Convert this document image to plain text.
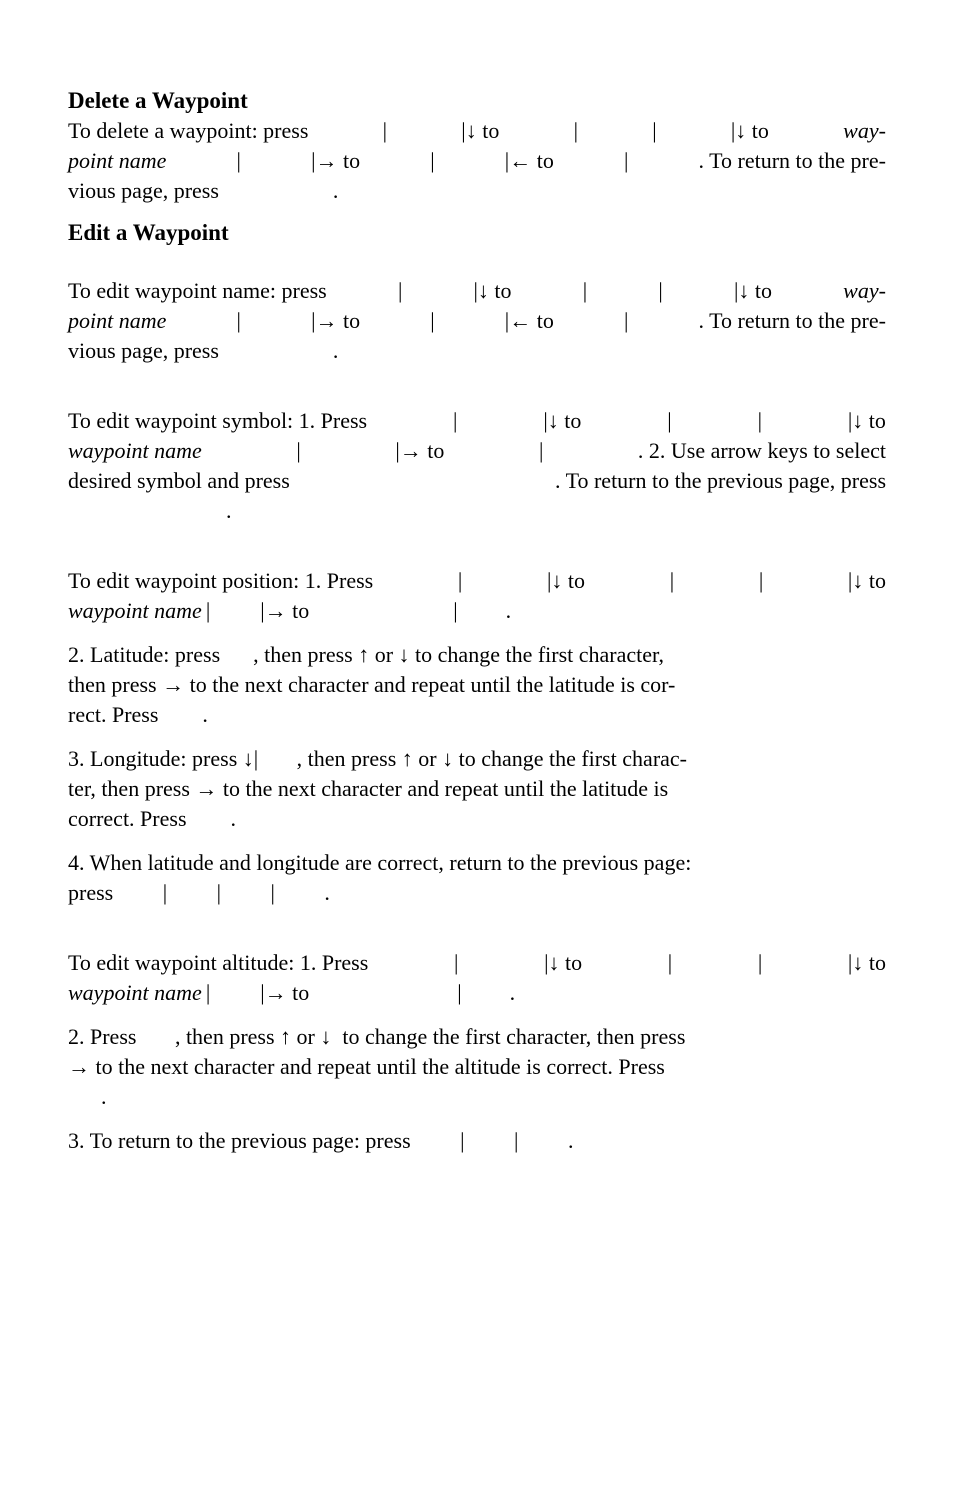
Delete a Waypoint
To delete a waypoint: press	|	|↓ to	|	|	|↓ to	way-
point name	|	|→ to	|	|← to	|	. To return to the pre-
vious page, press	.
Edit a Waypoint
To edit waypoint name: press	|	|↓ to	|	|	|↓ to	way-
point name	|	|→ to	|	|← to	|	. To return to the pre-
vious page, press	.
To edit waypoint symbol: 1. Press	|	|↓ to	|	|	|↓ to
waypoint name	|	|→ to	|	. 2. Use arrow keys to select
desired symbol and press	. To return to the previous page, press
.
To edit waypoint position: 1. Press	|	|↓ to	|	|	|↓ to
waypoint name | |→ to	| .
2. Latitude: press      , then press ↑ or ↓ to change the first character,
then press → to the next character and repeat until the latitude is cor-
rect. Press        .
3. Longitude: press ↓|       , then press ↑ or ↓ to change the first charac-
ter, then press → to the next character and repeat until the latitude is
correct. Press        .
4. When latitude and longitude are correct, return to the previous page:
press         |         |         |         .
To edit waypoint altitude: 1. Press	|	|↓ to	|	|	|↓ to
waypoint name | |→ to	| .
2. Press       , then press ↑ or ↓  to change the first character, then press
→ to the next character and repeat until the altitude is correct. Press
.
3. To return to the previous page: press         |         |         .
